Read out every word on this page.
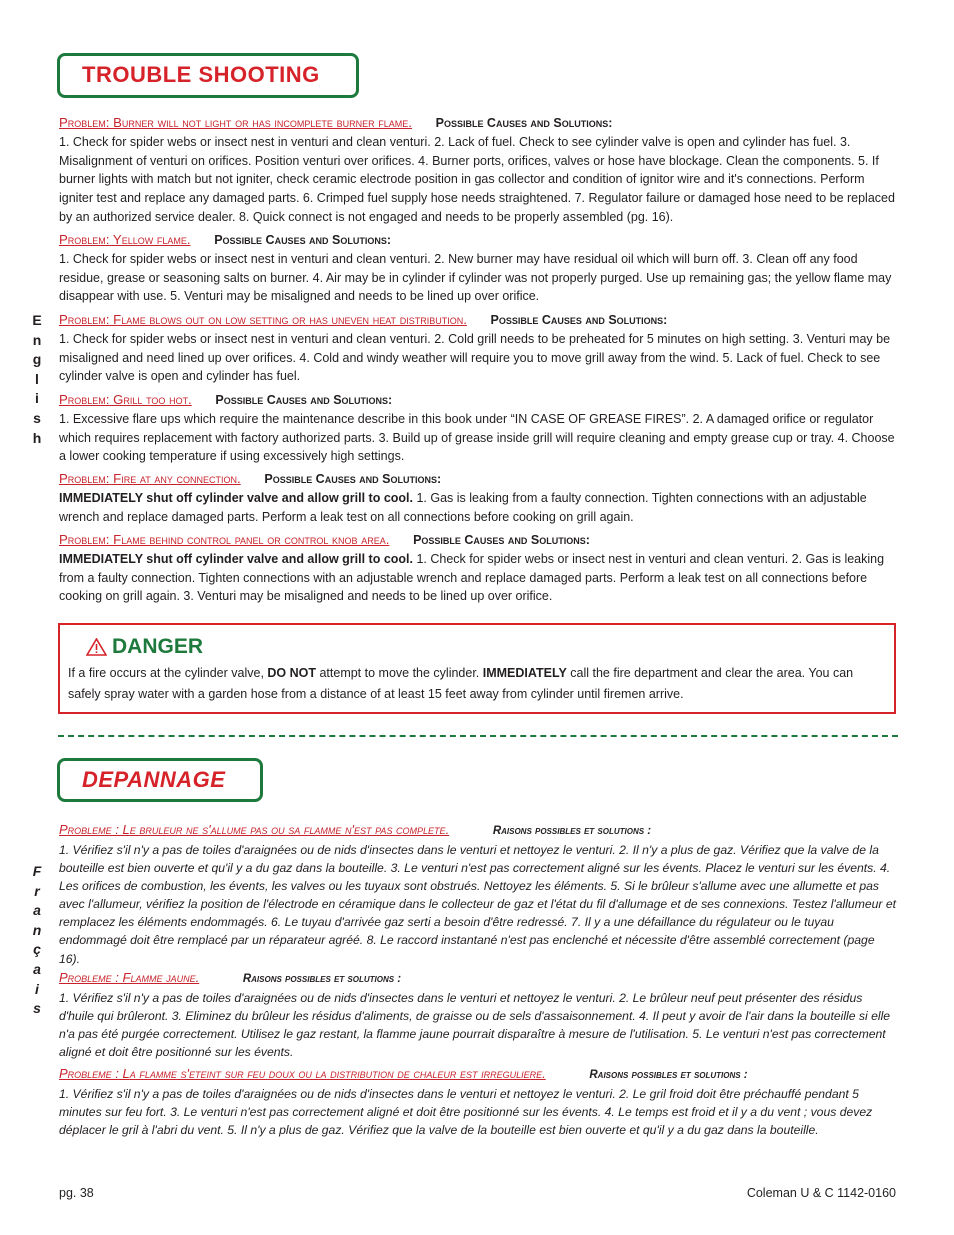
TROUBLE SHOOTING
E
n
g
l
i
s
h
Problem: Burner will not light or has incomplete burner flame. Possible Causes and Solutions:
1. Check for spider webs or insect nest in venturi and clean venturi. 2. Lack of fuel. Check to see cylinder valve is open and cylinder has fuel. 3. Misalignment of venturi on orifices. Position venturi over orifices. 4. Burner ports, orifices, valves or hose have blockage. Clean the components. 5. If burner lights with match but not igniter, check ceramic electrode position in gas collector and condition of ignitor wire and it's connections. Perform igniter test and replace any damaged parts. 6. Crimped fuel supply hose needs straightened. 7. Regulator failure or damaged hose need to be replaced by an authorized service dealer. 8. Quick connect is not engaged and needs to be properly assembled (pg. 16).
Problem: Yellow flame. Possible Causes and Solutions:
1. Check for spider webs or insect nest in venturi and clean venturi. 2. New burner may have residual oil which will burn off. 3. Clean off any food residue, grease or seasoning salts on burner. 4. Air may be in cylinder if cylinder was not properly purged. Use up remaining gas; the yellow flame may disappear with use. 5. Venturi may be misaligned and needs to be lined up over orifice.
Problem: Flame blows out on low setting or has uneven heat distribution. Possible Causes and Solutions:
1. Check for spider webs or insect nest in venturi and clean venturi. 2. Cold grill needs to be preheated for 5 minutes on high setting. 3. Venturi may be misaligned and need lined up over orifices. 4. Cold and windy weather will require you to move grill away from the wind. 5. Lack of fuel. Check to see cylinder valve is open and cylinder has fuel.
Problem: Grill too hot. Possible Causes and Solutions:
1. Excessive flare ups which require the maintenance describe in this book under “IN CASE OF GREASE FIRES”. 2. A damaged orifice or regulator which requires replacement with factory authorized parts. 3. Build up of grease inside grill will require cleaning and empty grease cup or tray. 4. Choose a lower cooking temperature if using excessively high settings.
Problem: Fire at any connection. Possible Causes and Solutions:
IMMEDIATELY shut off cylinder valve and allow grill to cool. 1. Gas is leaking from a faulty connection. Tighten connections with an adjustable wrench and replace damaged parts. Perform a leak test on all connections before cooking on grill again.
Problem: Flame behind control panel or control knob area. Possible Causes and Solutions:
IMMEDIATELY shut off cylinder valve and allow grill to cool. 1. Check for spider webs or insect nest in venturi and clean venturi. 2. Gas is leaking from a faulty connection. Tighten connections with an adjustable wrench and replace damaged parts. Perform a leak test on all connections before cooking on grill again. 3. Venturi may be misaligned and needs to be lined up over orifice.
DANGER
If a fire occurs at the cylinder valve, DO NOT attempt to move the cylinder. IMMEDIATELY call the fire department and clear the area. You can safely spray water with a garden hose from a distance of at least 15 feet away from cylinder until firemen arrive.
DEPANNAGE
F
r
a
n
ç
a
i
s
Probleme : Le bruleur ne s'allume pas ou sa flamme n'est pas complete.	Raisons possibles et solutions :
1. Vérifiez s'il n'y a pas de toiles d'araignées ou de nids d'insectes dans le venturi et nettoyez le venturi. 2. Il n'y a plus de gaz. Vérifiez que la valve de la bouteille est bien ouverte et qu'il y a du gaz dans la bouteille. 3. Le venturi n'est pas correctement aligné sur les évents. Placez le venturi sur les évents. 4. Les orifices de combustion, les évents, les valves ou les tuyaux sont obstrués. Nettoyez les éléments. 5. Si le brûleur s'allume avec une allumette et pas avec l'allumeur, vérifiez la position de l'électrode en céramique dans le collecteur de gaz et l'état du fil d'allumage et de ses connexions. Testez l'allumeur et remplacez les éléments endommagés. 6. Le tuyau d'arrivée gaz serti a besoin d'être redressé. 7. Il y a une défaillance du régulateur ou le tuyau endommagé doit être remplacé par un réparateur agréé. 8. Le raccord instantané n'est pas enclenché et nécessite d'être assemblé correctement (page 16).
Probleme : Flamme jaune.	Raisons possibles et solutions :
1. Vérifiez s'il n'y a pas de toiles d'araignées ou de nids d'insectes dans le venturi et nettoyez le venturi. 2. Le brûleur neuf peut présenter des résidus d'huile qui brûleront. 3. Eliminez du brûleur les résidus d'aliments, de graisse ou de sels d'assaisonnement. 4. Il peut y avoir de l'air dans la bouteille si elle n'a pas été purgée correctement. Utilisez le gaz restant, la flamme jaune pourrait disparaître à mesure de l'utilisation. 5. Le venturi n'est pas correctement aligné et doit être positionné sur les évents.
Probleme : La flamme s'eteint sur feu doux ou la distribution de chaleur est irreguliere.	Raisons possibles et solutions :
1. Vérifiez s'il n'y a pas de toiles d'araignées ou de nids d'insectes dans le venturi et nettoyez le venturi. 2. Le gril froid doit être préchauffé pendant 5 minutes sur feu fort. 3. Le venturi n'est pas correctement aligné et doit être positionné sur les évents. 4. Le temps est froid et il y a du vent ; vous devez déplacer le gril à l'abri du vent. 5. Il n'y a plus de gaz. Vérifiez que la valve de la bouteille est bien ouverte et qu'il y a du gaz dans la bouteille.
pg. 38	Coleman U & C 1142-0160
